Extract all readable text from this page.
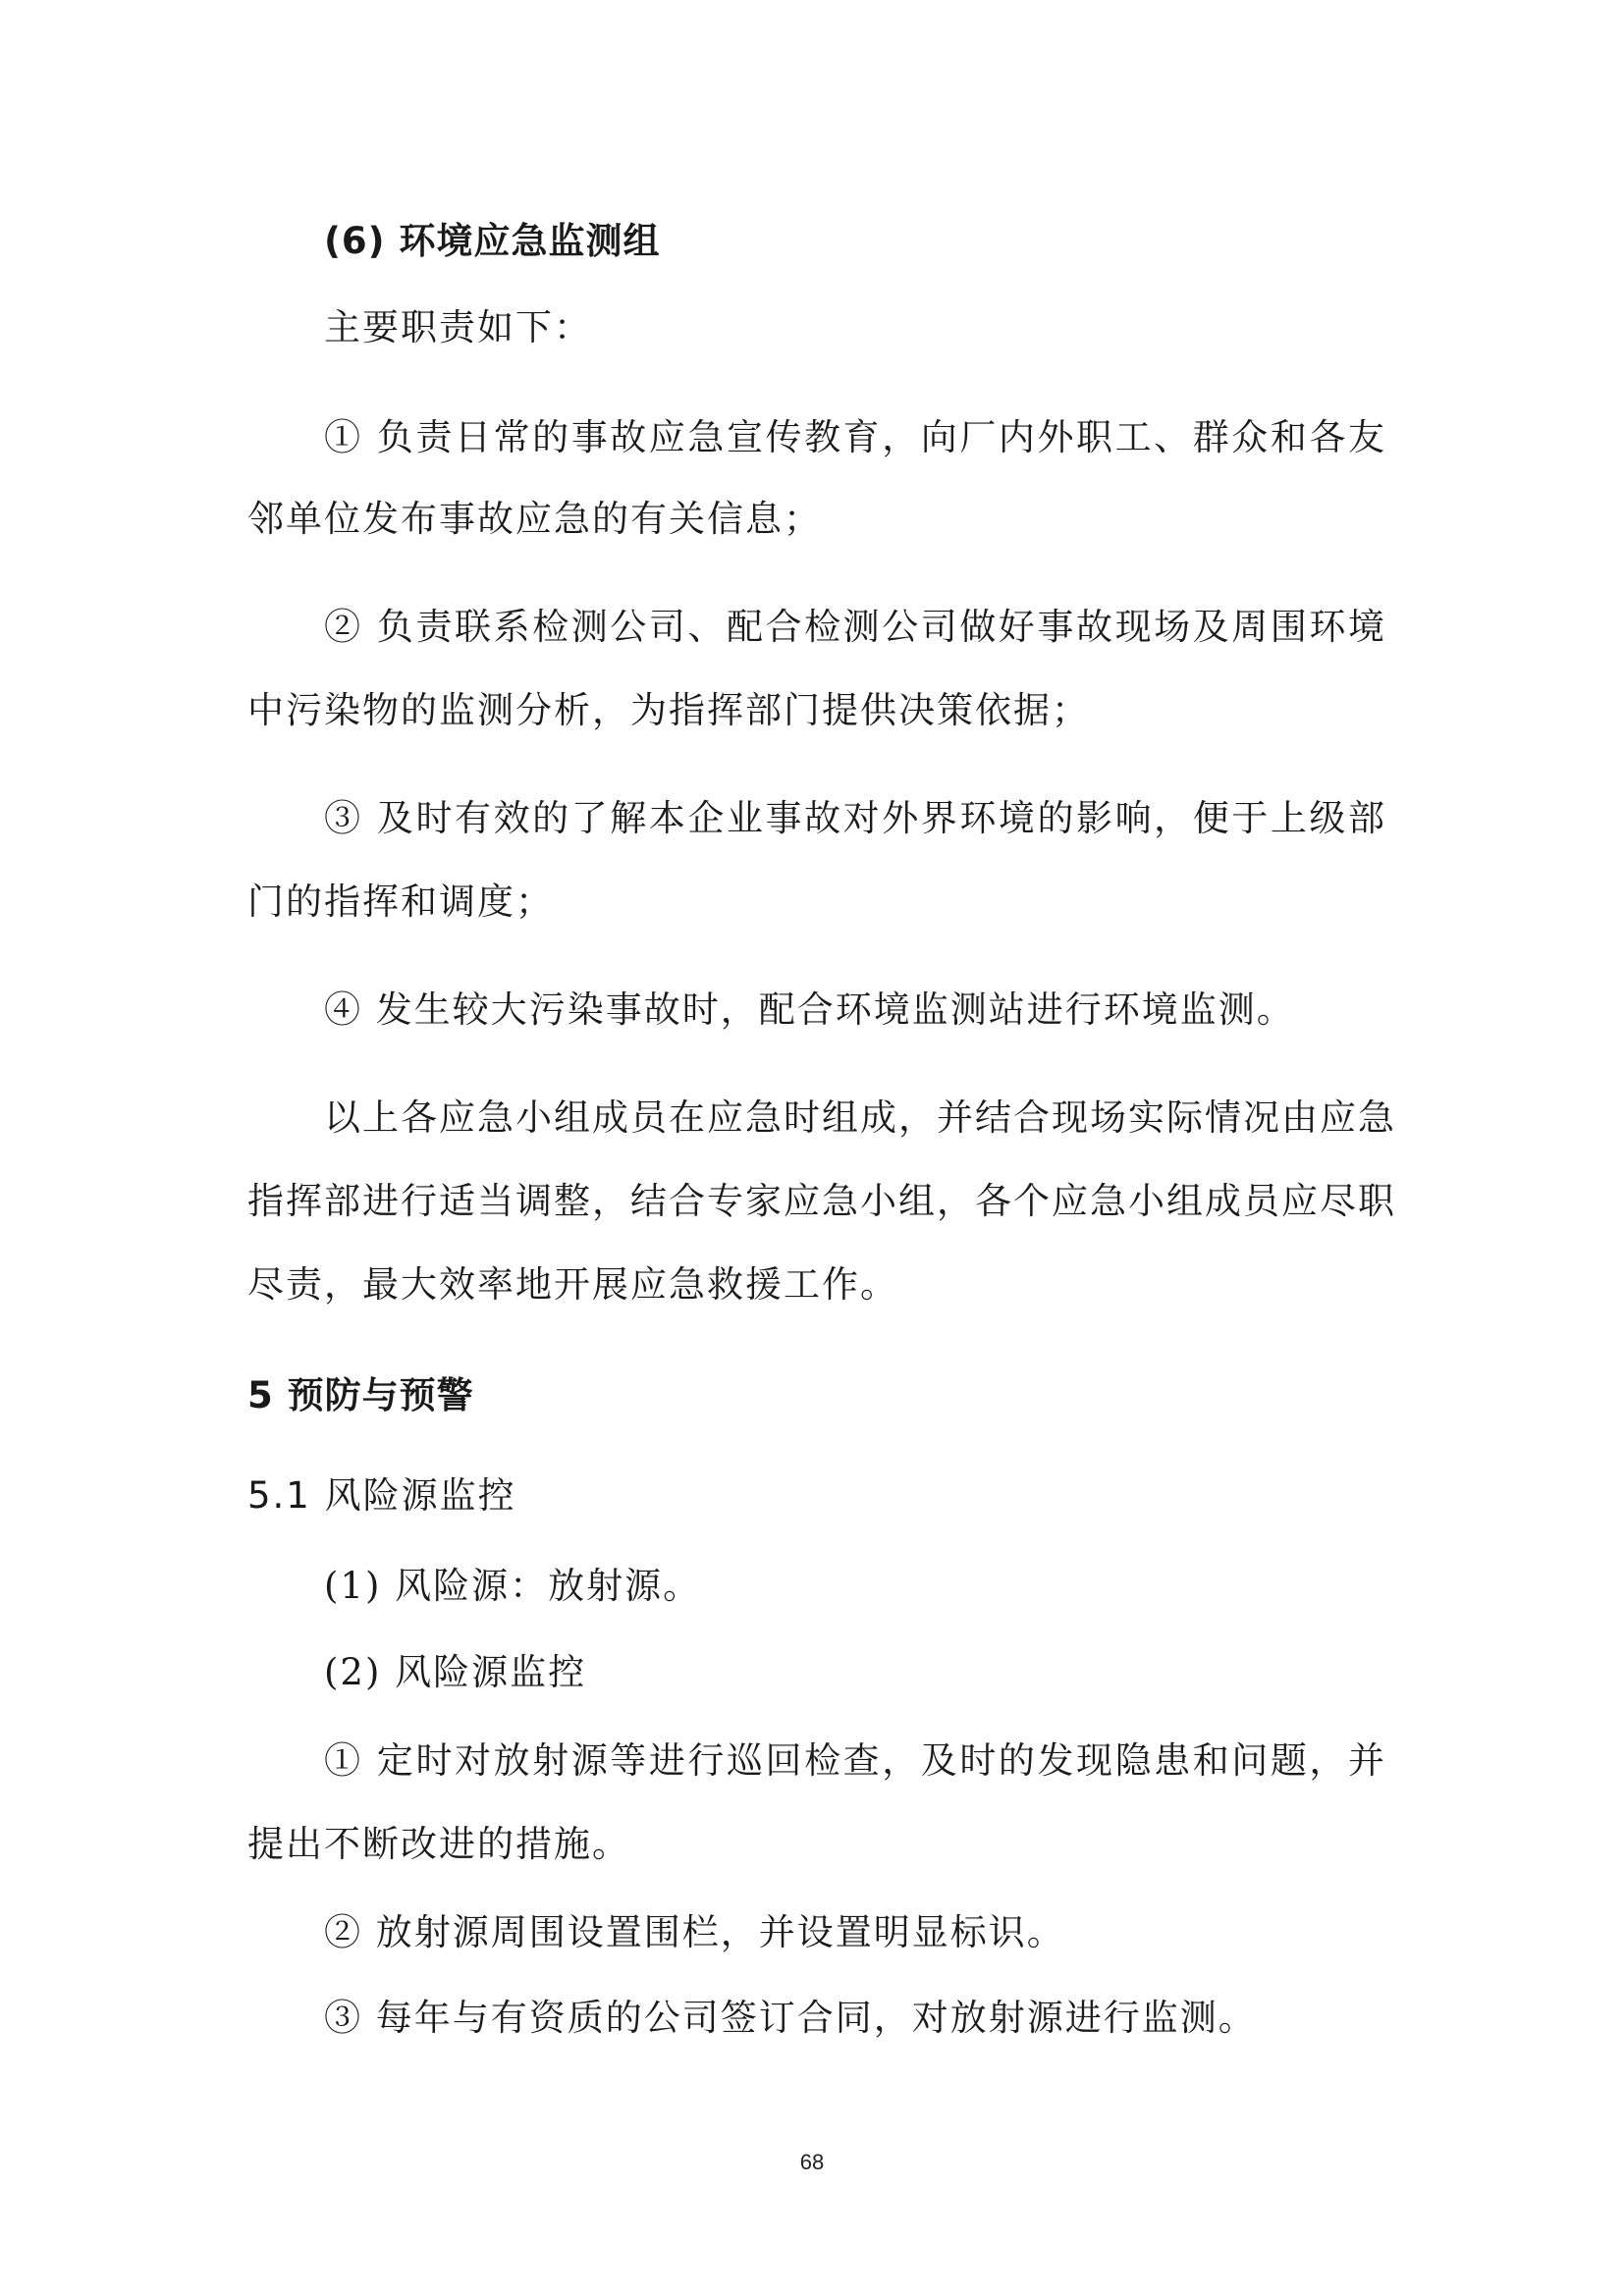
(6) 环境应急监测组
主要职责如下：
① 负责日常的事故应急宣传教育，向厂内外职工、群众和各友
邻单位发布事故应急的有关信息；
② 负责联系检测公司、配合检测公司做好事故现场及周围环境
中污染物的监测分析，为指挥部门提供决策依据；
③ 及时有效的了解本企业事故对外界环境的影响，便于上级部
门的指挥和调度；
④ 发生较大污染事故时，配合环境监测站进行环境监测。
以上各应急小组成员在应急时组成，并结合现场实际情况由应急
指挥部进行适当调整，结合专家应急小组，各个应急小组成员应尽职
尽责，最大效率地开展应急救援工作。
5 预防与预警
5.1 风险源监控
(1) 风险源：放射源。
(2) 风险源监控
① 定时对放射源等进行巡回检查，及时的发现隐患和问题，并
提出不断改进的措施。
② 放射源周围设置围栏，并设置明显标识。
③ 每年与有资质的公司签订合同，对放射源进行监测。
68
